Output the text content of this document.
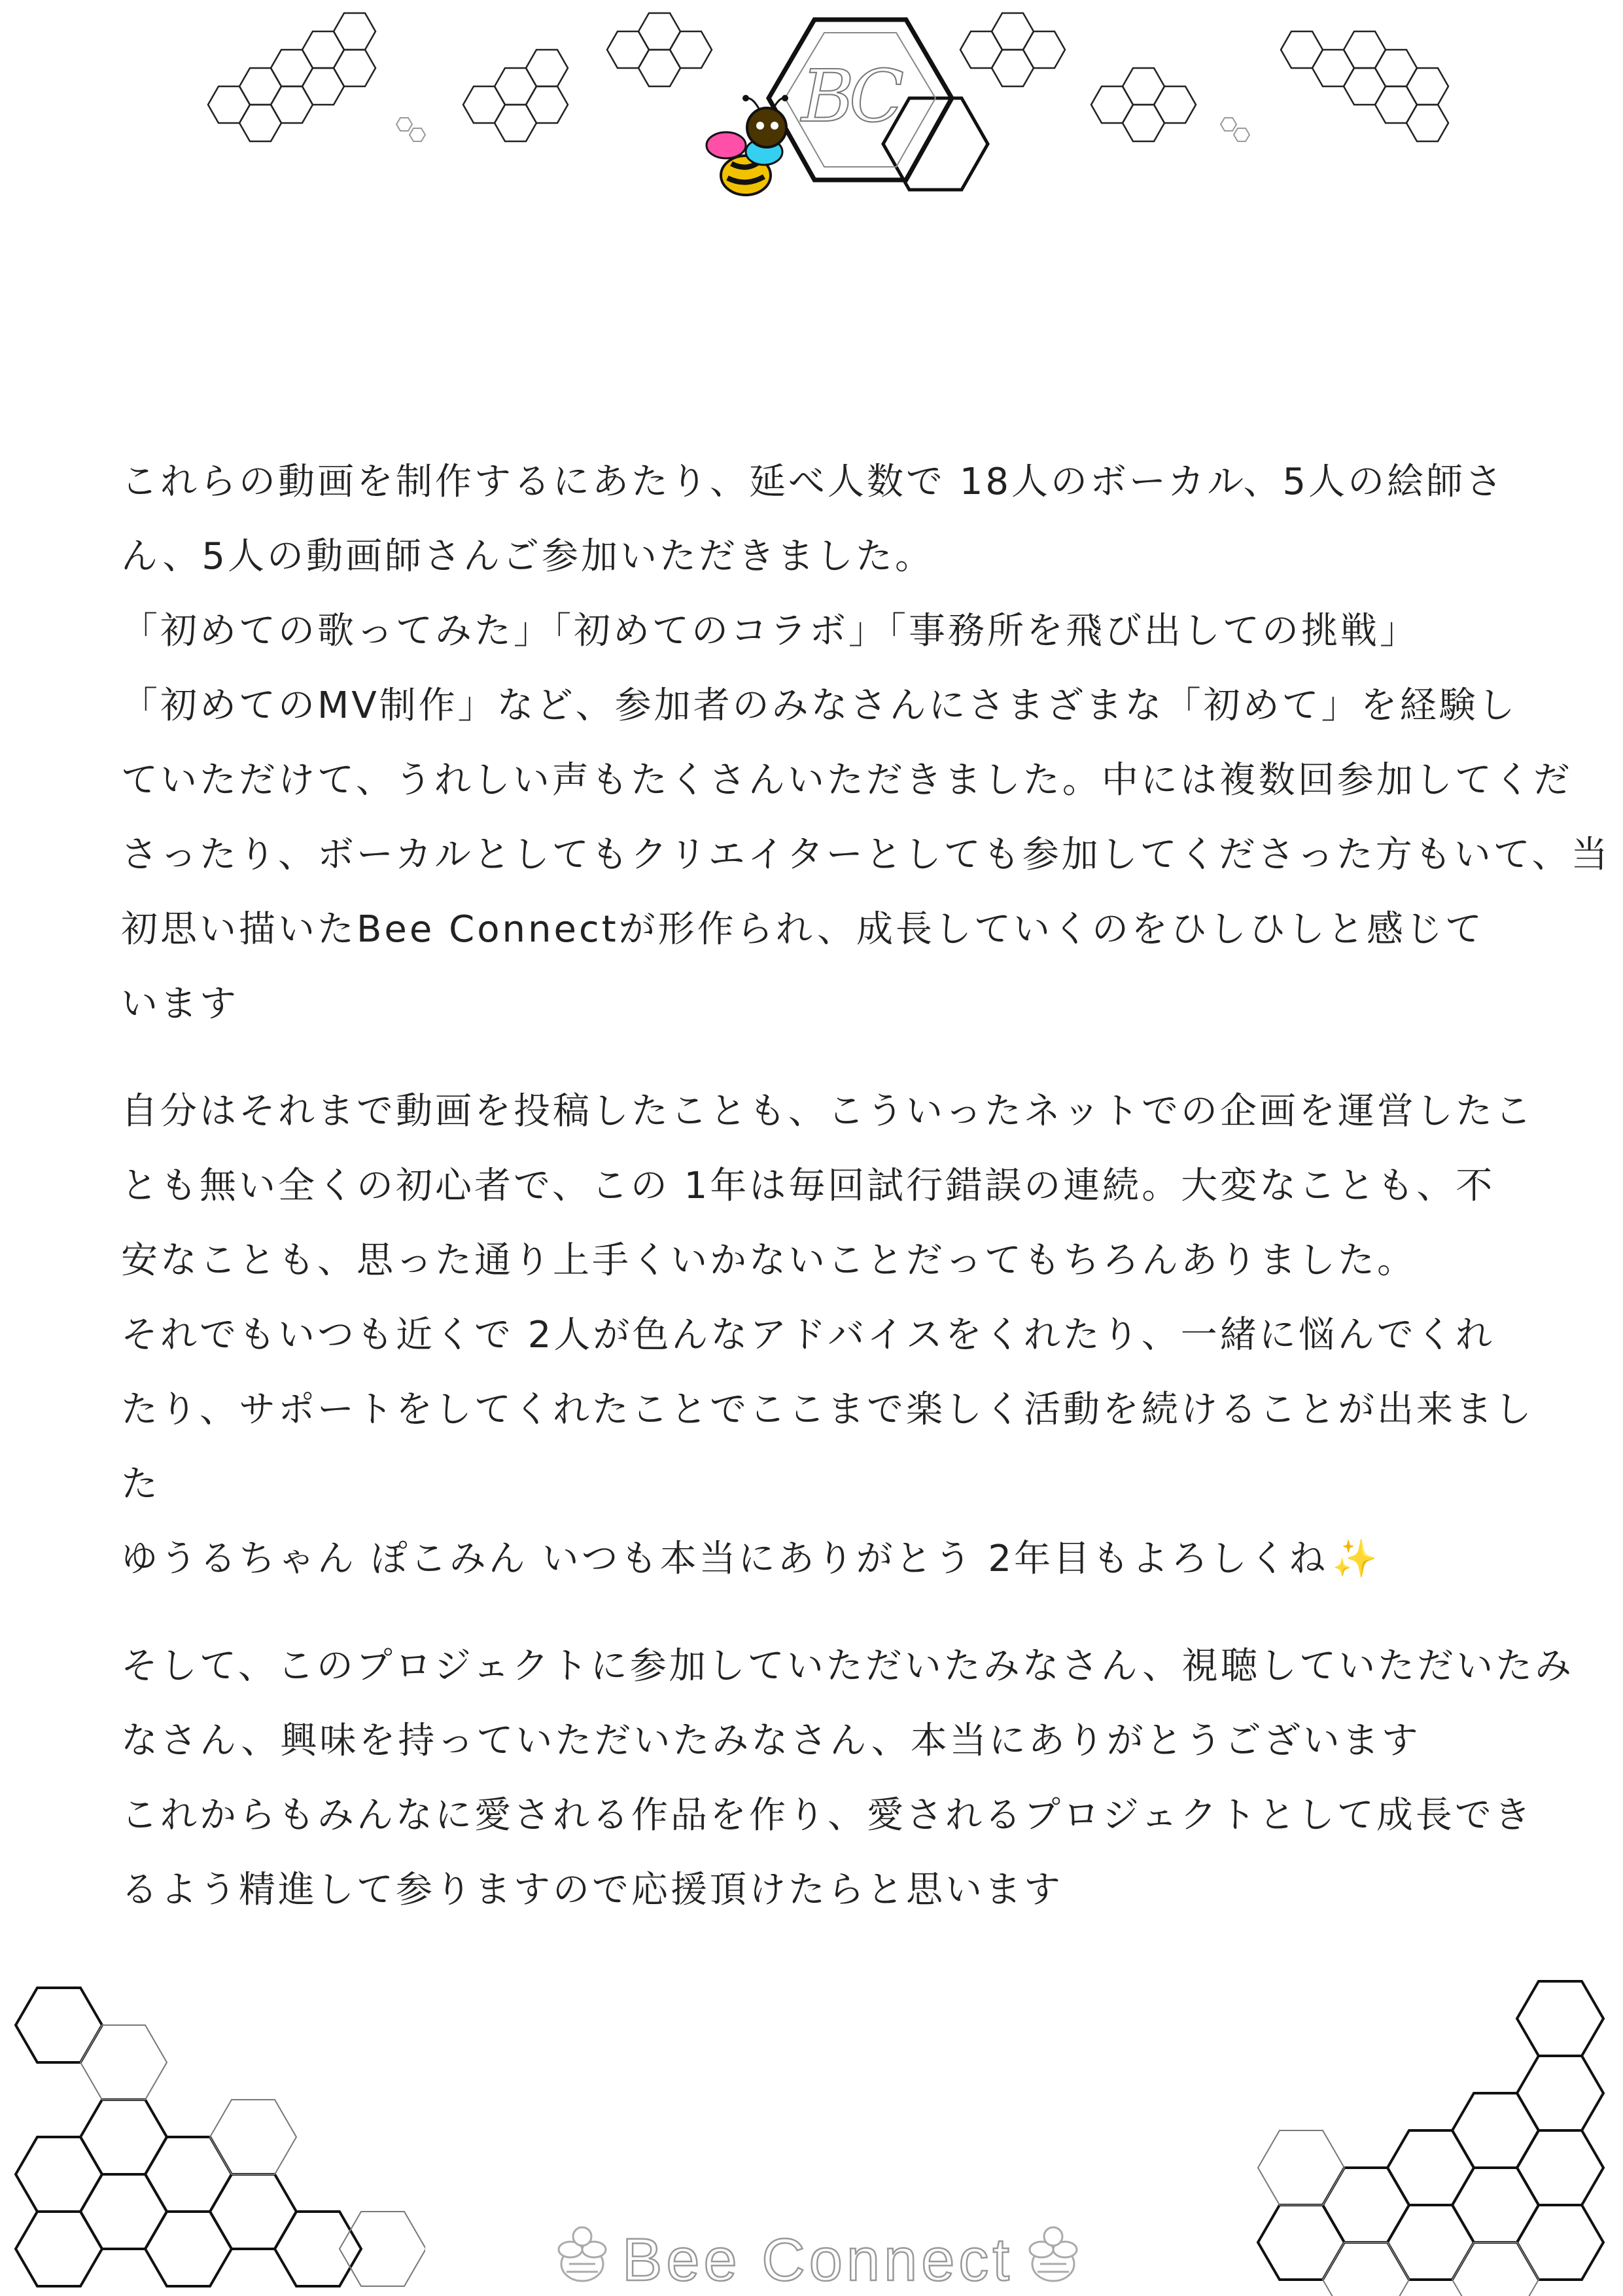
BC

これらの動画を制作するにあたり、延べ人数で 18人のボーカル、5人の絵師さ
ん、5人の動画師さんご参加いただきました。
「初めての歌ってみた」「初めてのコラボ」「事務所を飛び出しての挑戦」
「初めてのMV制作」など、参加者のみなさんにさまざまな「初めて」を経験し
ていただけて、うれしい声もたくさんいただきました。中には複数回参加してくだ
さったり、ボーカルとしてもクリエイターとしても参加してくださった方もいて、当
初思い描いたBee Connectが形作られ、成長していくのをひしひしと感じて
います

自分はそれまで動画を投稿したことも、こういったネットでの企画を運営したこ
とも無い全くの初心者で、この 1年は毎回試行錯誤の連続。大変なことも、不
安なことも、思った通り上手くいかないことだってもちろんありました。
それでもいつも近くで 2人が色んなアドバイスをくれたり、一緒に悩んでくれ
たり、サポートをしてくれたことでここまで楽しく活動を続けることが出来まし
た
ゆうるちゃん ぽこみん いつも本当にありがとう 2年目もよろしくね ✨

そして、このプロジェクトに参加していただいたみなさん、視聴していただいたみ
なさん、興味を持っていただいたみなさん、本当にありがとうございます
これからもみんなに愛される作品を作り、愛されるプロジェクトとして成長でき
るよう精進して参りますので応援頂けたらと思います

Bee Connect
